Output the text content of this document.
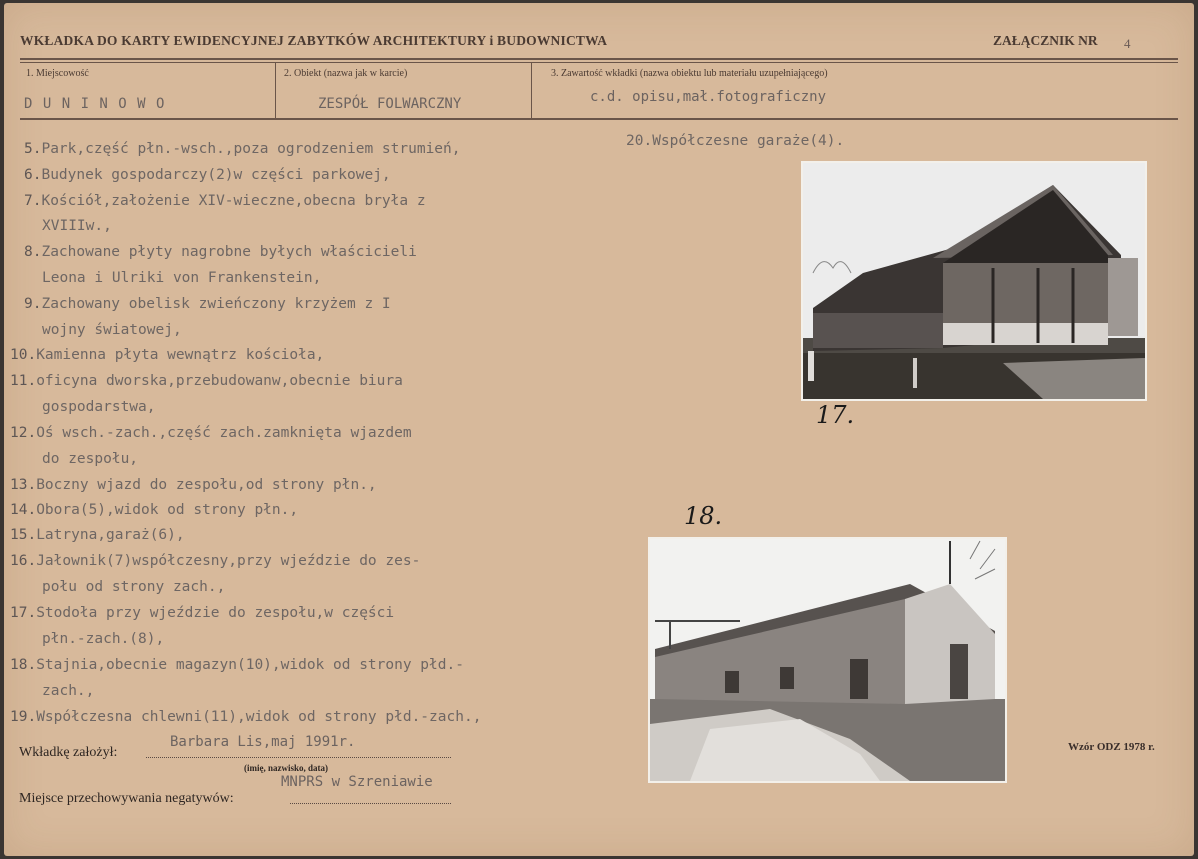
WKŁADKA DO KARTY EWIDENCYJNEJ ZABYTKÓW ARCHITEKTURY i BUDOWNICTWA	ZAŁĄCZNIK NR 4
1. Miejscowość
D U N I N O W O
2. Obiekt (nazwa jak w karcie)
ZESPÓŁ FOLWARCZNY
3. Zawartość wkładki (nazwa obiektu lub materiału uzupełniającego)
c.d. opisu,mał.fotograficzny
5.Park,część płn.-wsch.,poza ogrodzeniem strumień,
6.Budynek gospodarczy(2)w części parkowej,
7.Kościół,założenie XIV-wieczne,obecna bryła z
XVIIIw.,
8.Zachowane płyty nagrobne byłych właścicieli
Leona i Ulriki von Frankenstein,
9.Zachowany obelisk zwieńczony krzyżem z I
wojny światowej,
10.Kamienna płyta wewnątrz kościoła,
11.oficyna dworska,przebudowanw,obecnie biura
gospodarstwa,
12.Oś wsch.-zach.,część zach.zamknięta wjazdem
do zespołu,
13.Boczny wjazd do zespołu,od strony płn.,
14.Obora(5),widok od strony płn.,
15.Latryna,garaż(6),
16.Jałownik(7)współczesny,przy wjeździe do zes-
połu od strony zach.,
17.Stodoła przy wjeździe do zespołu,w części
płn.-zach.(8),
18.Stajnia,obecnie magazyn(10),widok od strony płd.-
zach.,
19.Współczesna chlewni(11),widok od strony płd.-zach.,
20.Współczesne garaże(4).
17.
18.
Wkładkę założył:
Barbara Lis,maj 1991r.
(imię, nazwisko, data)
MNPRS w Szreniawie
Miejsce przechowywania negatywów:
Wzór ODZ 1978 r.
